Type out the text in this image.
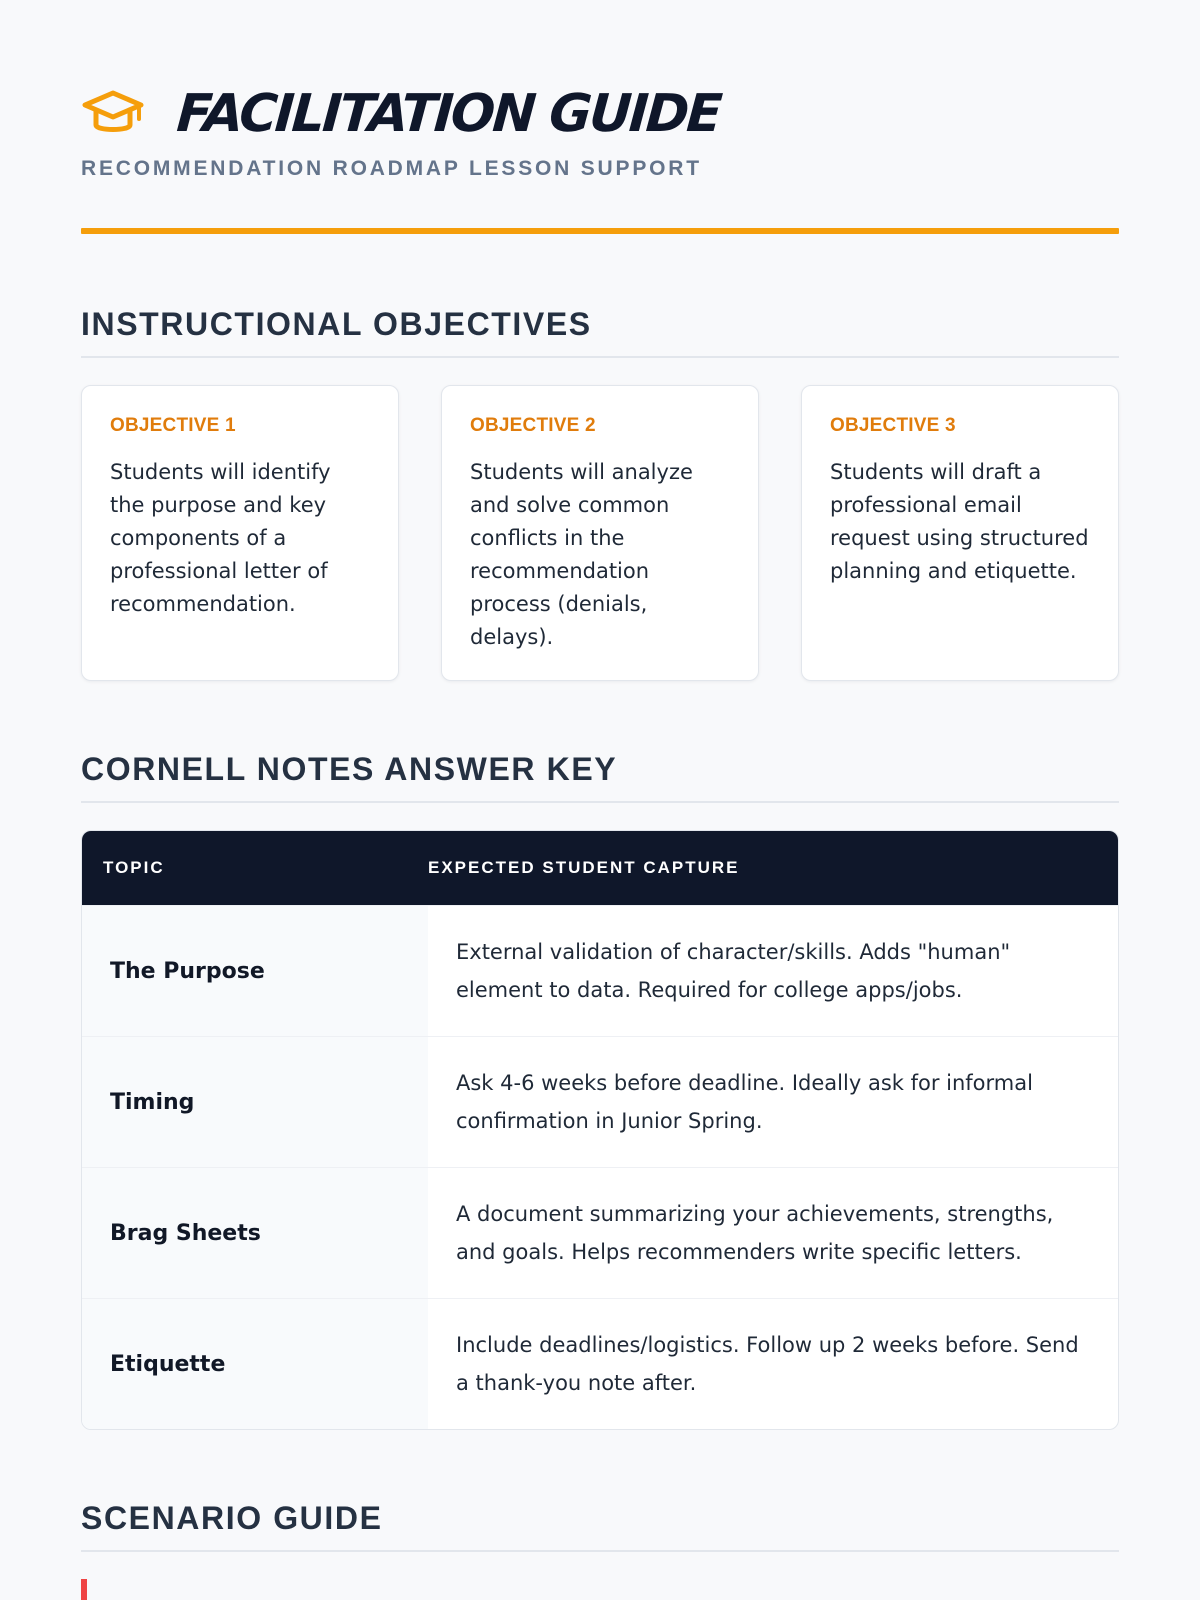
FACILITATION GUIDE
RECOMMENDATION ROADMAP LESSON SUPPORT
INSTRUCTIONAL OBJECTIVES
OBJECTIVE 1

Students will identify the purpose and key components of a professional letter of recommendation.

OBJECTIVE 2

Students will analyze and solve common conflicts in the recommendation process (denials, delays).

OBJECTIVE 3

Students will draft a professional email request using structured planning and etiquette.

CORNELL NOTES ANSWER KEY
TOPIC	EXPECTED STUDENT CAPTURE
The Purpose
External validation of character/skills. Adds "human" element to data. Required for college apps/jobs.
Timing
Ask 4-6 weeks before deadline. Ideally ask for informal confirmation in Junior Spring.
Brag Sheets
A document summarizing your achievements, strengths, and goals. Helps recommenders write specific letters.
Etiquette
Include deadlines/logistics. Follow up 2 weeks before. Send a thank-you note after.
SCENARIO GUIDE
